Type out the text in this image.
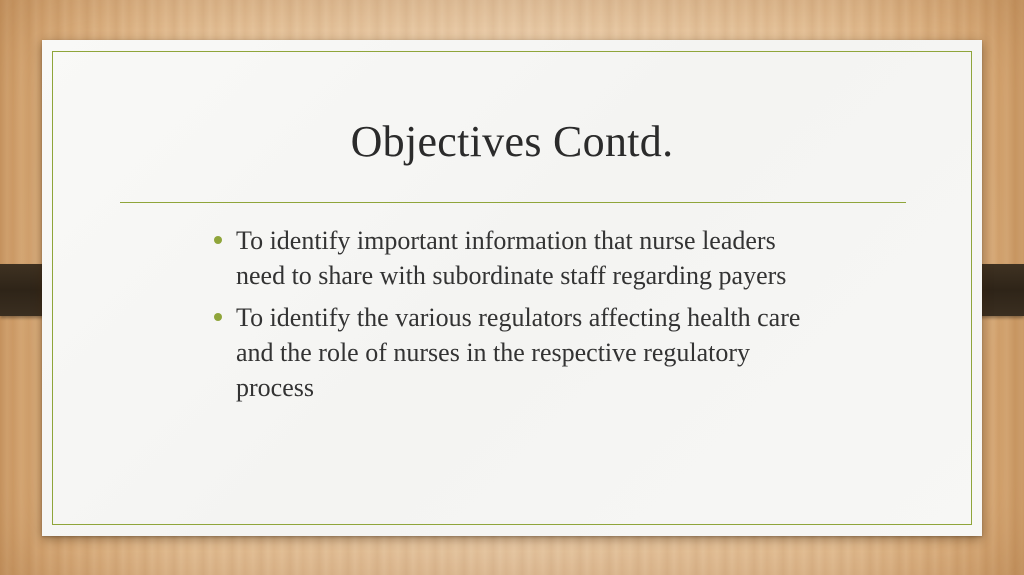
Objectives Contd.
To identify important information that nurse leaders need to share with subordinate staff regarding payers
To identify the various regulators affecting health care and the role of nurses in the respective regulatory process
